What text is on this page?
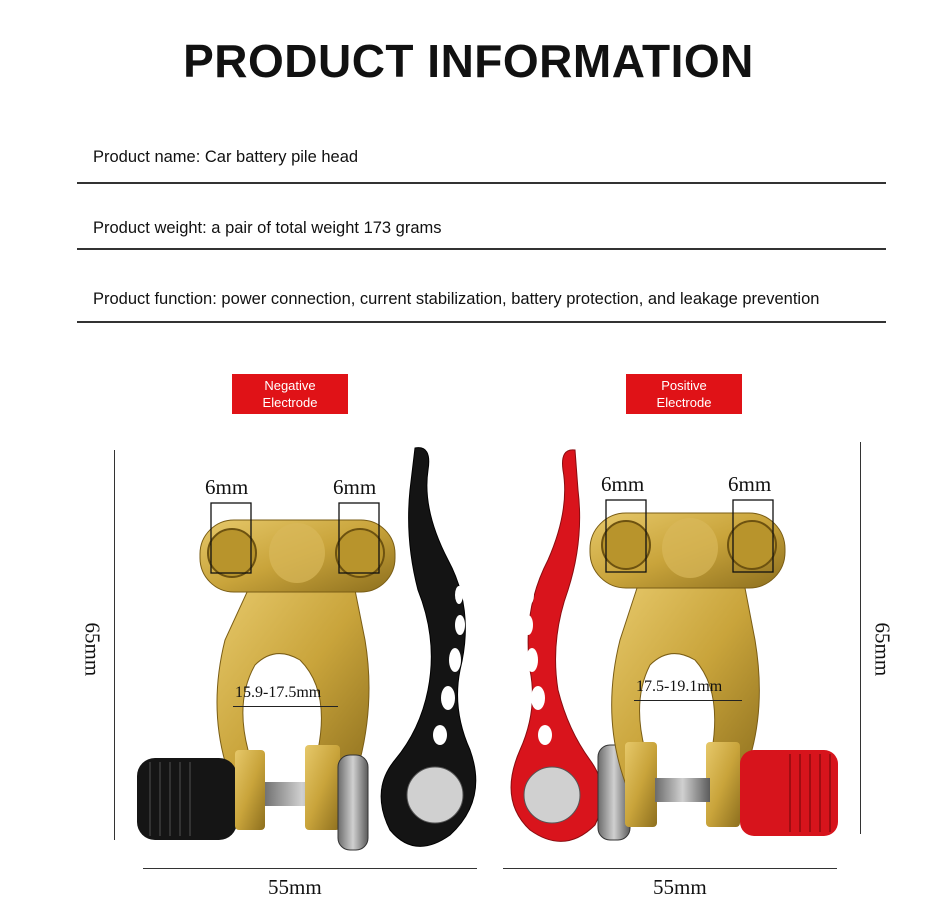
PRODUCT INFORMATION
Product name: Car battery pile head
Product weight: a pair of total weight 173 grams
Product function: power connection, current stabilization, battery protection, and leakage prevention
Negative
Electrode
Positive
Electrode
6mm	6mm	6mm	6mm
15.9-17.5mm	17.5-19.1mm
65mm	65mm
55mm	55mm
